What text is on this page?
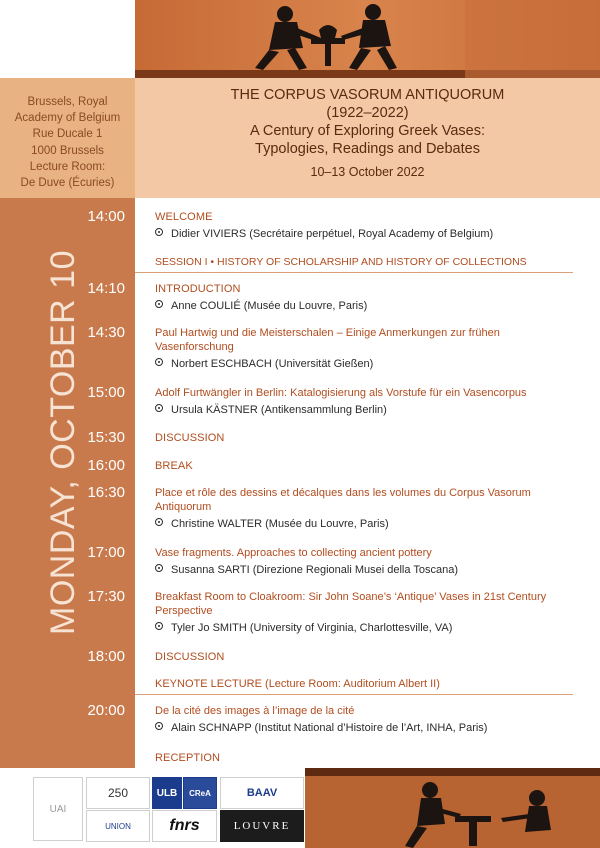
Brussels, Royal
Academy of Belgium
Rue Ducale 1
1000 Brussels
Lecture Room:
De Duve (Écuries)
THE CORPUS VASORUM ANTIQUORUM
(1922–2022)
A Century of Exploring Greek Vases:
Typologies, Readings and Debates
10–13 October 2022
MONDAY, OCTOBER 10
14:00	WELCOME
Didier VIVIERS (Secrétaire perpétuel, Royal Academy of Belgium)
SESSION I • HISTORY OF SCHOLARSHIP AND HISTORY OF COLLECTIONS
14:10	INTRODUCTION
Anne COULIÉ (Musée du Louvre, Paris)
14:30	Paul Hartwig und die Meisterschalen – Einige Anmerkungen zur frühen Vasenforschung
Norbert ESCHBACH (Universität Gießen)
15:00	Adolf Furtwängler in Berlin: Katalogisierung als Vorstufe für ein Vasencorpus
Ursula KÄSTNER (Antikensammlung Berlin)
15:30	DISCUSSION
16:00	BREAK
16:30	Place et rôle des dessins et décalques dans les volumes du Corpus Vasorum Antiquorum
Christine WALTER (Musée du Louvre, Paris)
17:00	Vase fragments. Approaches to collecting ancient pottery
Susanna SARTI (Direzione Regionali Musei della Toscana)
17:30	Breakfast Room to Cloakroom: Sir John Soane’s ‘Antique’ Vases in 21st Century Perspective
Tyler Jo SMITH (University of Virginia, Charlottesville, VA)
18:00	DISCUSSION
KEYNOTE LECTURE (Lecture Room: Auditorium Albert II)
20:00	De la cité des images à l’image de la cité
Alain SCHNAPP (Institut National d’Histoire de l’Art, INHA, Paris)
RECEPTION
UAI
250
UNION
ULB CReA
fnrs
BAAV
LOUVRE
